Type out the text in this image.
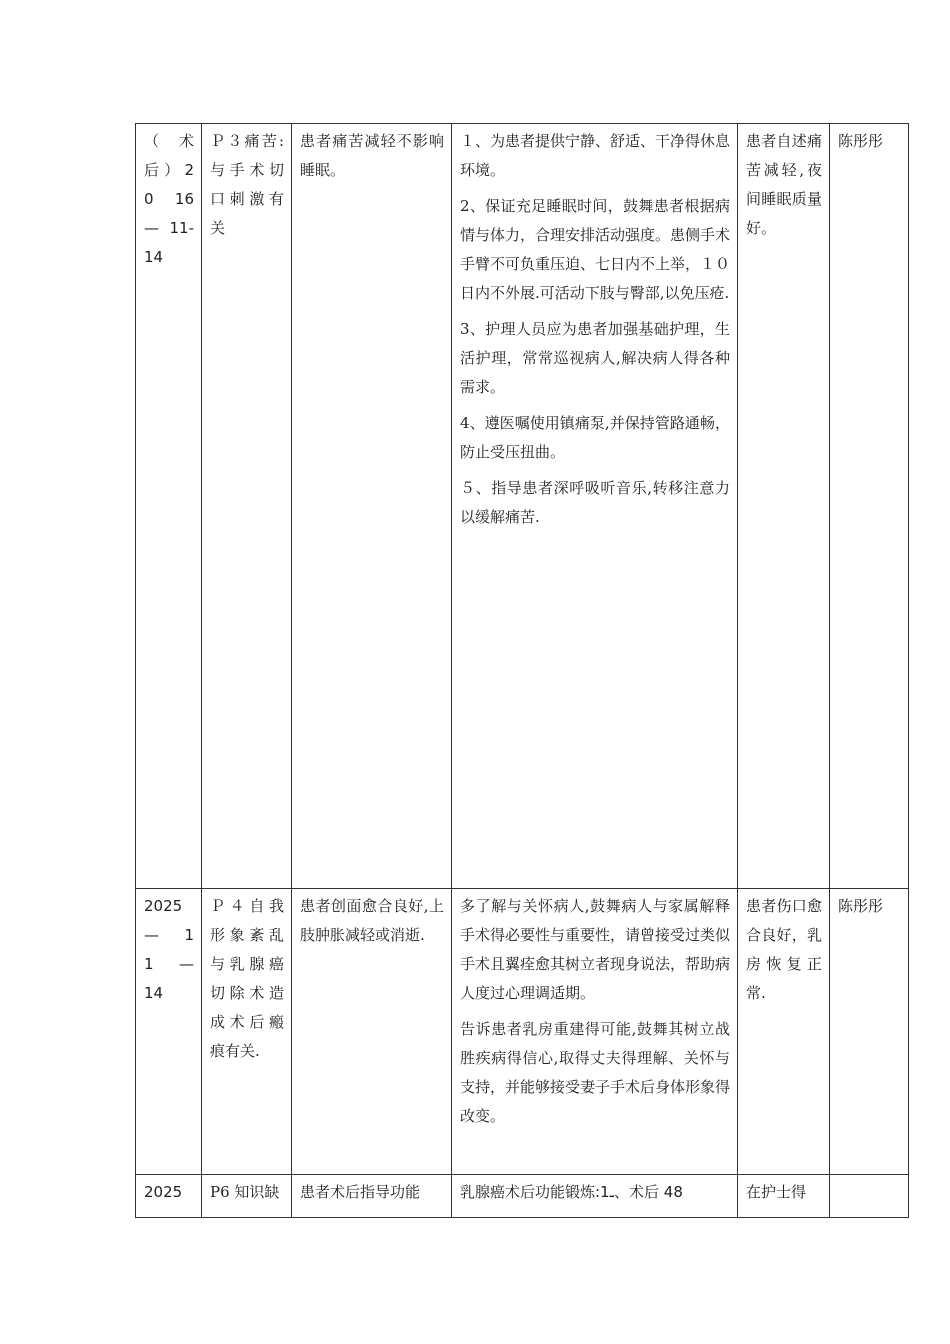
（　术后）2 0　16 — 11-14	Ｐ３痛苦:与手术切口刺激有关	患者痛苦减轻不影响睡眠。	１、为患者提供宁静、舒适、干净得休息环境。
2、保证充足睡眠时间，鼓舞患者根据病情与体力，合理安排活动强度。患侧手术手臂不可负重压迫、七日内不上举，１０日内不外展.可活动下肢与臀部,以免压疮.
3、护理人员应为患者加强基础护理，生活护理，常常巡视病人,解决病人得各种需求。
4、遵医嘱使用镇痛泵,并保持管路通畅，防止受压扭曲。
５、指导患者深呼吸听音乐,转移注意力以缓解痛苦.	患者自述痛苦减轻,夜间睡眠质量好。	陈彤彤
2025 —　1　1　— 14	Ｐ４自我形象紊乱与乳腺癌切除术造成术后瘢痕有关.	患者创面愈合良好,上肢肿胀减轻或消逝.	多了解与关怀病人,鼓舞病人与家属解释手术得必要性与重要性，请曾接受过类似手术且翼痊愈其树立者现身说法，帮助病人度过心理调适期。
告诉患者乳房重建得可能,鼓舞其树立战胜疾病得信心,取得丈夫得理解、关怀与支持，并能够接受妻子手术后身体形象得改变。	患者伤口愈合良好，乳房恢复正常.	陈彤彤
2025	P6 知识缺	患者术后指导功能	乳腺癌术后功能锻炼:1ـ、术后 48	在护士得	
